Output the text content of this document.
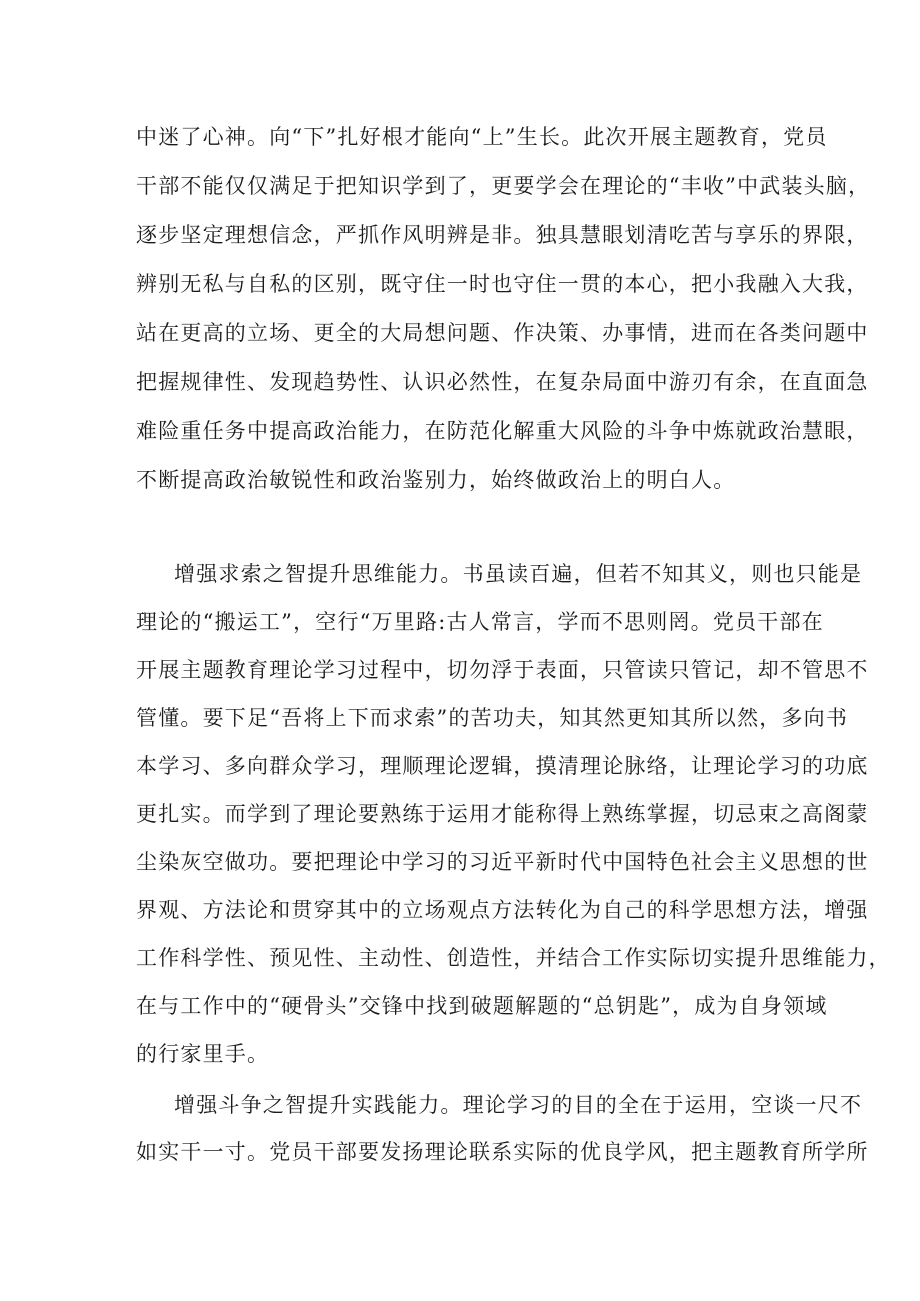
中迷了心神。向“下”扎好根才能向“上”生长。此次开展主题教育，党员
干部不能仅仅满足于把知识学到了，更要学会在理论的“丰收”中武装头脑，
逐步坚定理想信念，严抓作风明辨是非。独具慧眼划清吃苦与享乐的界限，
辨别无私与自私的区别，既守住一时也守住一贯的本心，把小我融入大我，
站在更高的立场、更全的大局想问题、作决策、办事情，进而在各类问题中
把握规律性、发现趋势性、认识必然性，在复杂局面中游刃有余，在直面急
难险重任务中提高政治能力，在防范化解重大风险的斗争中炼就政治慧眼，
不断提高政治敏锐性和政治鉴别力，始终做政治上的明白人。
增强求索之智提升思维能力。书虽读百遍，但若不知其义，则也只能是
理论的“搬运工”，空行“万里路:古人常言，学而不思则罔。党员干部在
开展主题教育理论学习过程中，切勿浮于表面，只管读只管记，却不管思不
管懂。要下足“吾将上下而求索”的苦功夫，知其然更知其所以然，多向书
本学习、多向群众学习，理顺理论逻辑，摸清理论脉络，让理论学习的功底
更扎实。而学到了理论要熟练于运用才能称得上熟练掌握，切忌束之高阁蒙
尘染灰空做功。要把理论中学习的习近平新时代中国特色社会主义思想的世
界观、方法论和贯穿其中的立场观点方法转化为自己的科学思想方法，增强
工作科学性、预见性、主动性、创造性，并结合工作实际切实提升思维能力，
在与工作中的“硬骨头”交锋中找到破题解题的“总钥匙”，成为自身领域
的行家里手。
增强斗争之智提升实践能力。理论学习的目的全在于运用，空谈一尺不
如实干一寸。党员干部要发扬理论联系实际的优良学风，把主题教育所学所
